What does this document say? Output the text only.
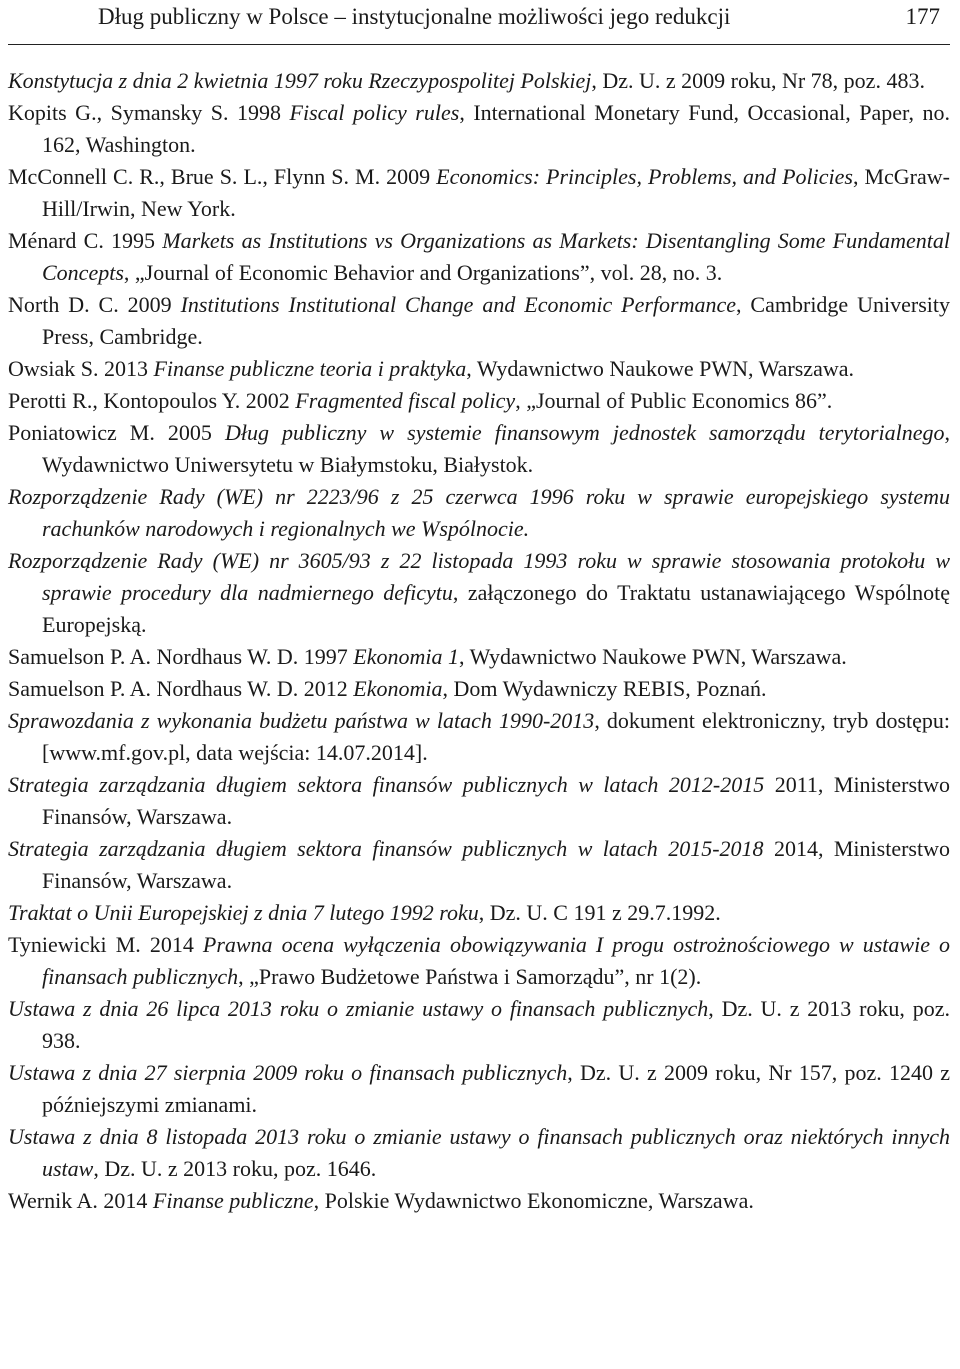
Dług publiczny w Polsce – instytucjonalne możliwości jego redukcji	177
Konstytucja z dnia 2 kwietnia 1997 roku Rzeczypospolitej Polskiej, Dz. U. z 2009 roku, Nr 78, poz. 483.
Kopits G., Symansky S. 1998 Fiscal policy rules, International Monetary Fund, Occasional, Paper, no. 162, Washington.
McConnell C. R., Brue S. L., Flynn S. M. 2009 Economics: Principles, Problems, and Policies, McGraw-Hill/Irwin, New York.
Ménard C. 1995 Markets as Institutions vs Organizations as Markets: Disentangling Some Fundamental Concepts, „Journal of Economic Behavior and Organizations”, vol. 28, no. 3.
North D. C. 2009 Institutions Institutional Change and Economic Performance, Cambridge University Press, Cambridge.
Owsiak S. 2013 Finanse publiczne teoria i praktyka, Wydawnictwo Naukowe PWN, Warszawa.
Perotti R., Kontopoulos Y. 2002 Fragmented fiscal policy, „Journal of Public Economics 86”.
Poniatowicz M. 2005 Dług publiczny w systemie finansowym jednostek samorządu terytorialnego, Wydawnictwo Uniwersytetu w Białymstoku, Białystok.
Rozporządzenie Rady (WE) nr 2223/96 z 25 czerwca 1996 roku w sprawie europejskiego systemu rachunków narodowych i regionalnych we Wspólnocie.
Rozporządzenie Rady (WE) nr 3605/93 z 22 listopada 1993 roku w sprawie stosowania protokołu w sprawie procedury dla nadmiernego deficytu, załączonego do Traktatu ustanawiającego Wspólnotę Europejską.
Samuelson P. A. Nordhaus W. D. 1997 Ekonomia 1, Wydawnictwo Naukowe PWN, Warszawa.
Samuelson P. A. Nordhaus W. D. 2012 Ekonomia, Dom Wydawniczy REBIS, Poznań.
Sprawozdania z wykonania budżetu państwa w latach 1990-2013, dokument elektroniczny, tryb dostępu: [www.mf.gov.pl, data wejścia: 14.07.2014].
Strategia zarządzania długiem sektora finansów publicznych w latach 2012-2015 2011, Ministerstwo Finansów, Warszawa.
Strategia zarządzania długiem sektora finansów publicznych w latach 2015-2018 2014, Ministerstwo Finansów, Warszawa.
Traktat o Unii Europejskiej z dnia 7 lutego 1992 roku, Dz. U. C 191 z 29.7.1992.
Tyniewicki M. 2014 Prawna ocena wyłączenia obowiązywania I progu ostrożnościowego w ustawie o finansach publicznych, „Prawo Budżetowe Państwa i Samorządu”, nr 1(2).
Ustawa z dnia 26 lipca 2013 roku o zmianie ustawy o finansach publicznych, Dz. U. z 2013 roku, poz. 938.
Ustawa z dnia 27 sierpnia 2009 roku o finansach publicznych, Dz. U. z 2009 roku, Nr 157, poz. 1240 z późniejszymi zmianami.
Ustawa z dnia 8 listopada 2013 roku o zmianie ustawy o finansach publicznych oraz niektórych innych ustaw, Dz. U. z 2013 roku, poz. 1646.
Wernik A. 2014 Finanse publiczne, Polskie Wydawnictwo Ekonomiczne, Warszawa.
